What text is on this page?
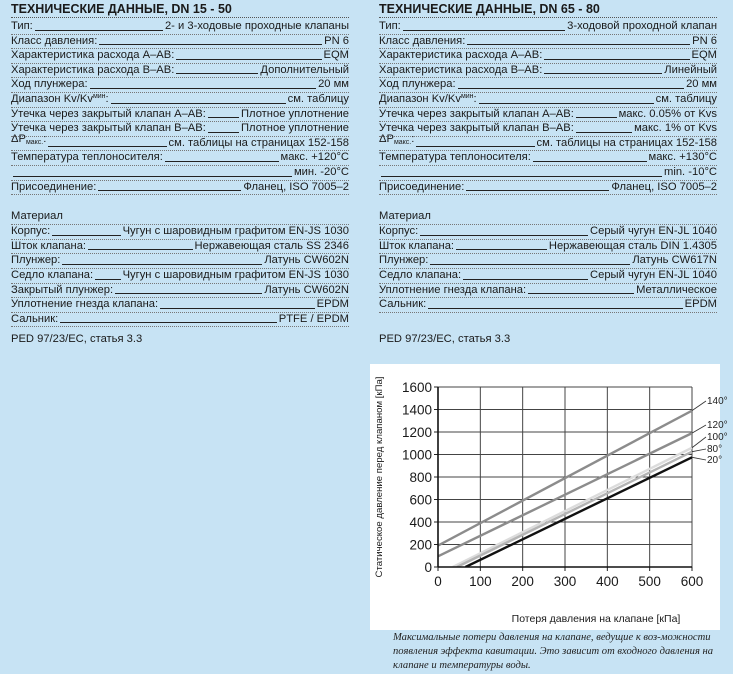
ТЕХНИЧЕСКИЕ ДАННЫЕ, DN 15 - 50
Тип:	2- и 3-ходовые проходные клапаны
Класс давления:	PN 6
Характеристика расхода A–AB:	EQM
Характеристика расхода B–AB:	Дополнительный
Ход плунжера:	20 мм
Диапазон $Kv/Kv^{мин}$:	см. таблицу
Утечка через закрытый клапан A–AB:	Плотное уплотнение
Утечка через закрытый клапан B–AB:	Плотное уплотнение
$\Delta P_{макс.}$:	см. таблицы на страницах 152-158
Температура теплоносителя:	макс. +120°C
мин. -20°C
Присоединение:	Фланец, ISO 7005–2
Материал
Корпус:	Чугун с шаровидным графитом EN-JS 1030
Шток клапана:	Нержавеющая сталь SS 2346
Плунжер:	Латунь CW602N
Седло клапана:	Чугун с шаровидным графитом EN-JS 1030
Закрытый плунжер:	Латунь CW602N
Уплотнение гнезда клапана:	EPDM
Сальник:	PTFE / EPDM
PED 97/23/EC, статья 3.3
ТЕХНИЧЕСКИЕ ДАННЫЕ, DN 65 - 80
Тип:	3-ходовой проходной клапан
Класс давления:	PN 6
Характеристика расхода A–AB:	EQM
Характеристика расхода B–AB:	Линейный
Ход плунжера:	20 мм
Диапазон $Kv/Kv^{мин}$:	см. таблицу
Утечка через закрытый клапан A–AB:	макс. 0.05% от Kvs
Утечка через закрытый клапан B–AB:	макс. 1% от Kvs
$\Delta P_{макс.}$:	см. таблицы на страницах 152-158
Температура теплоносителя:	макс. +130°C
min. -10°C
Присоединение:	Фланец, ISO 7005–2
Материал
Корпус:	Серый чугун EN-JL 1040
Шток клапана:	Нержавеющая сталь DIN 1.4305
Плунжер:	Латунь CW617N
Седло клапана:	Серый чугун EN-JL 1040
Уплотнение гнезда клапана:	Металлическое
Сальник:	EPDM
PED 97/23/EC, статья 3.3
140°
120°
100°
80°
20°
0
200
400
600
800
1000
1200
1400
1600
0 100 200 300 400 500 600
Потеря давления на клапане [кПа]
Статическое давление перед клапаном [кПа]
Максимальные потери давления на клапане, ведущие к воз-можности появления эффекта кавитации. Это зависит от входного давления на клапане и температуры воды.
